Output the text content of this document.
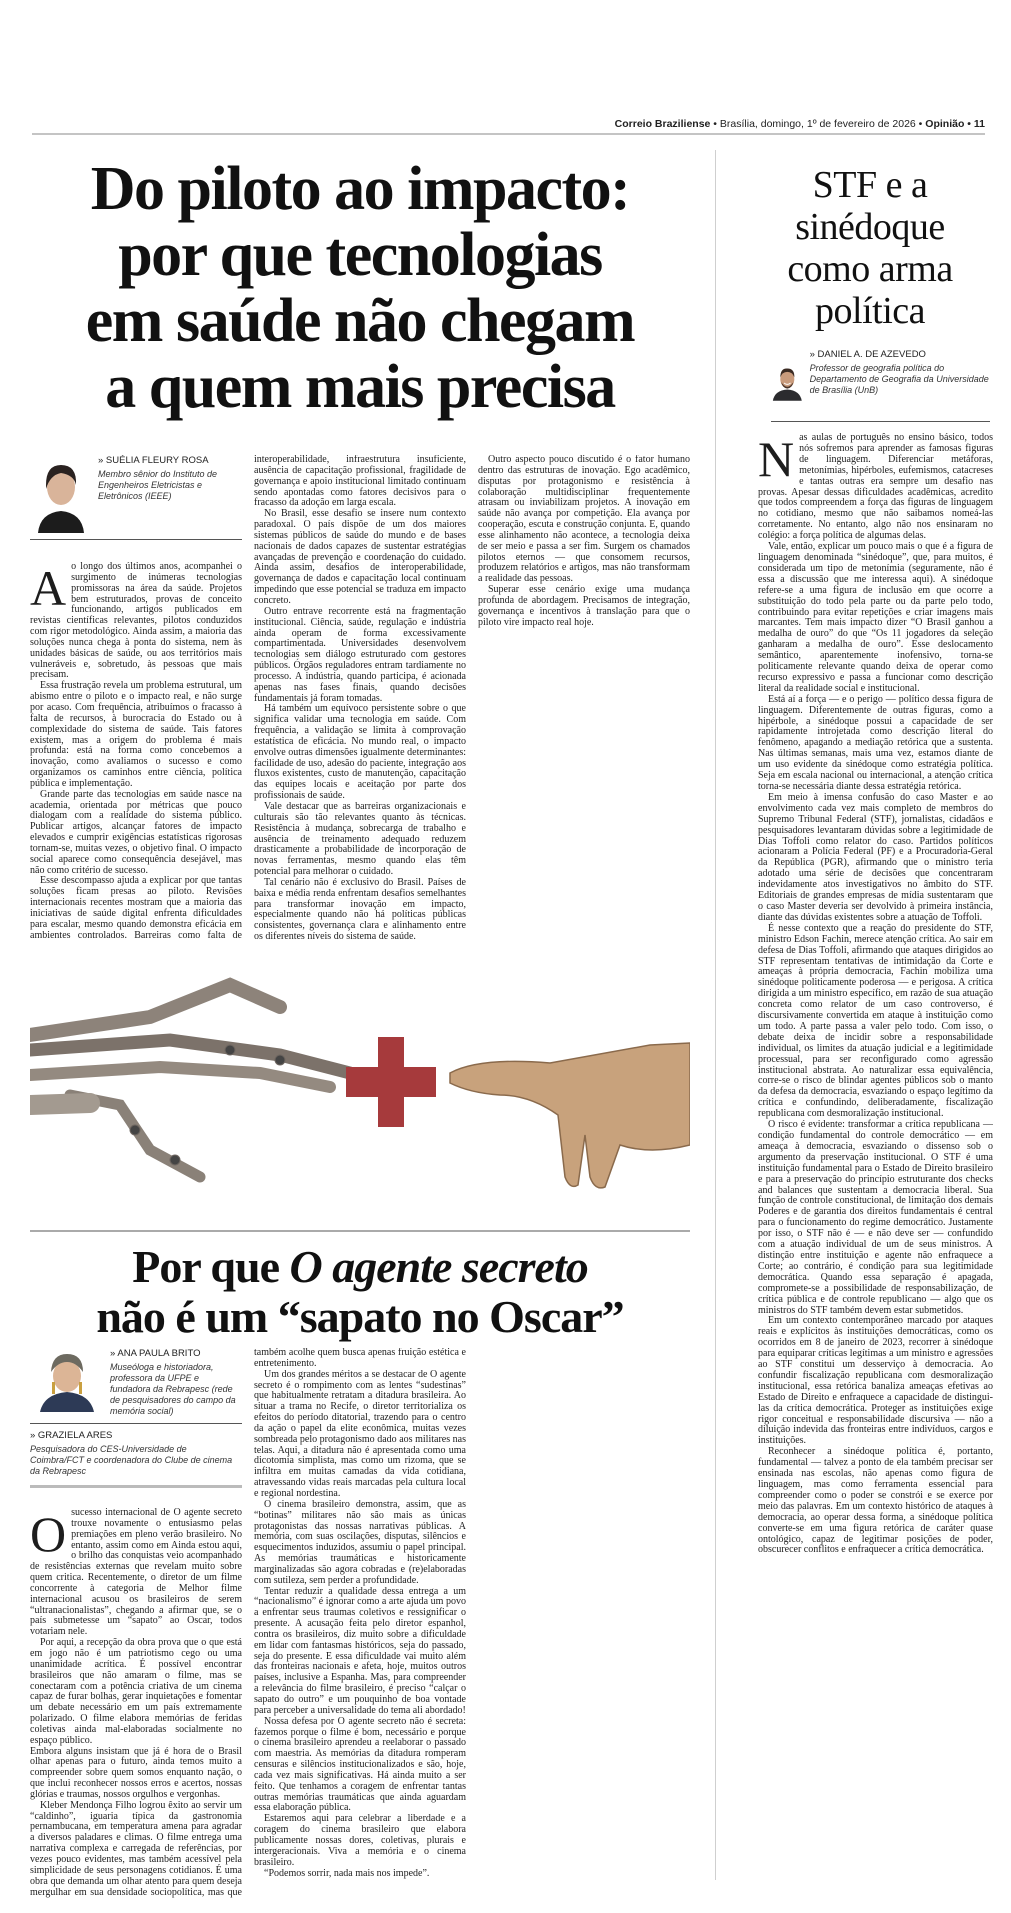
Correio Braziliense • Brasília, domingo, 1º de fevereiro de 2026 • Opinião • 11
Do piloto ao impacto:
por que tecnologias
em saúde não chegam
a quem mais precisa
» SUÉLIA FLEURY ROSA
Membro sênior do Instituto de Engenheiros Eletricistas e Eletrônicos (IEEE)

Ao longo dos últimos anos, acompanhei o surgimento de inúmeras tecnologias promissoras na área da saúde. Projetos bem estruturados, provas de conceito funcionando, artigos publicados em revistas científicas relevantes, pilotos conduzidos com rigor metodológico. Ainda assim, a maioria das soluções nunca chega à ponta do sistema, nem às unidades básicas de saúde, ou aos territórios mais vulneráveis e, sobretudo, às pessoas que mais precisam.

Essa frustração revela um problema estrutural, um abismo entre o piloto e o impacto real, e não surge por acaso. Com frequência, atribuímos o fracasso à falta de recursos, à burocracia do Estado ou à complexidade do sistema de saúde. Tais fatores existem, mas a origem do problema é mais profunda: está na forma como concebemos a inovação, como avaliamos o sucesso e como organizamos os caminhos entre ciência, política pública e implementação.

Grande parte das tecnologias em saúde nasce na academia, orientada por métricas que pouco dialogam com a realidade do sistema público. Publicar artigos, alcançar fatores de impacto elevados e cumprir exigências estatísticas rigorosas tornam-se, muitas vezes, o objetivo final. O impacto social aparece como consequência desejável, mas não como critério de sucesso.

Esse descompasso ajuda a explicar por que tantas soluções ficam presas ao piloto. Revisões internacionais recentes mostram que a maioria das iniciativas de saúde digital enfrenta dificuldades para escalar, mesmo quando demonstra eficácia em ambientes controlados. Barreiras como falta de interoperabilidade, infraestrutura insuficiente, ausência de capacitação profissional, fragilidade de governança e apoio institucional limitado continuam sendo apontadas como fatores decisivos para o fracasso da adoção em larga escala.

No Brasil, esse desafio se insere num contexto paradoxal. O país dispõe de um dos maiores sistemas públicos de saúde do mundo e de bases nacionais de dados capazes de sustentar estratégias avançadas de prevenção e coordenação do cuidado. Ainda assim, desafios de interoperabilidade, governança de dados e capacitação local continuam impedindo que esse potencial se traduza em impacto concreto.

Outro entrave recorrente está na fragmentação institucional. Ciência, saúde, regulação e indústria ainda operam de forma excessivamente compartimentada. Universidades desenvolvem tecnologias sem diálogo estruturado com gestores públicos. Órgãos reguladores entram tardiamente no processo. A indústria, quando participa, é acionada apenas nas fases finais, quando decisões fundamentais já foram tomadas.

Há também um equívoco persistente sobre o que significa validar uma tecnologia em saúde. Com frequência, a validação se limita à comprovação estatística de eficácia. No mundo real, o impacto envolve outras dimensões igualmente determinantes: facilidade de uso, adesão do paciente, integração aos fluxos existentes, custo de manutenção, capacitação das equipes locais e aceitação por parte dos profissionais de saúde.

Vale destacar que as barreiras organizacionais e culturais são tão relevantes quanto às técnicas. Resistência à mudança, sobrecarga de trabalho e ausência de treinamento adequado reduzem drasticamente a probabilidade de incorporação de novas ferramentas, mesmo quando elas têm potencial para melhorar o cuidado.

Tal cenário não é exclusivo do Brasil. Países de baixa e média renda enfrentam desafios semelhantes para transformar inovação em impacto, especialmente quando não há políticas públicas consistentes, governança clara e alinhamento entre os diferentes níveis do sistema de saúde.

Outro aspecto pouco discutido é o fator humano dentro das estruturas de inovação. Ego acadêmico, disputas por protagonismo e resistência à colaboração multidisciplinar frequentemente atrasam ou inviabilizam projetos. A inovação em saúde não avança por competição. Ela avança por cooperação, escuta e construção conjunta. E, quando esse alinhamento não acontece, a tecnologia deixa de ser meio e passa a ser fim. Surgem os chamados pilotos eternos — que consomem recursos, produzem relatórios e artigos, mas não transformam a realidade das pessoas.

Superar esse cenário exige uma mudança profunda de abordagem. Precisamos de integração, governança e incentivos à translação para que o piloto vire impacto real hoje.

Por que O agente secreto
não é um “sapato no Oscar”
» ANA PAULA BRITO
Museóloga e historiadora, professora da UFPE e fundadora da Rebrapesc (rede de pesquisadores do campo da memória social)
» GRAZIELA ARES
Pesquisadora do CES-Universidade de Coimbra/FCT e coordenadora do Clube de cinema da Rebrapesc

Osucesso internacional de O agente secreto trouxe novamente o entusiasmo pelas premiações em pleno verão brasileiro. No entanto, assim como em Ainda estou aqui, o brilho das conquistas veio acompanhado de resistências externas que revelam muito sobre quem critica. Recentemente, o diretor de um filme concorrente à categoria de Melhor filme internacional acusou os brasileiros de serem “ultranacionalistas”, chegando a afirmar que, se o país submetesse um “sapato” ao Oscar, todos votariam nele.

Por aqui, a recepção da obra prova que o que está em jogo não é um patriotismo cego ou uma unanimidade acrítica. É possível encontrar brasileiros que não amaram o filme, mas se conectaram com a potência criativa de um cinema capaz de furar bolhas, gerar inquietações e fomentar um debate necessário em um país extremamente polarizado. O filme elabora memórias de feridas coletivas ainda mal-elaboradas socialmente no espaço público.

Embora alguns insistam que já é hora de o Brasil olhar apenas para o futuro, ainda temos muito a compreender sobre quem somos enquanto nação, o que inclui reconhecer nossos erros e acertos, nossas glórias e traumas, nossos orgulhos e vergonhas.

Kleber Mendonça Filho logrou êxito ao servir um “caldinho”, iguaria típica da gastronomia pernambucana, em temperatura amena para agradar a diversos paladares e climas. O filme entrega uma narrativa complexa e carregada de referências, por vezes pouco evidentes, mas também acessível pela simplicidade de seus personagens cotidianos. É uma obra que demanda um olhar atento para quem deseja mergulhar em sua densidade sociopolítica, mas que também acolhe quem busca apenas fruição estética e entretenimento.

Um dos grandes méritos a se destacar de O agente secreto é o rompimento com as lentes “sudestinas” que habitualmente retratam a ditadura brasileira. Ao situar a trama no Recife, o diretor territorializa os efeitos do período ditatorial, trazendo para o centro da ação o papel da elite econômica, muitas vezes sombreada pelo protagonismo dado aos militares nas telas. Aqui, a ditadura não é apresentada como uma dicotomia simplista, mas como um rizoma, que se infiltra em muitas camadas da vida cotidiana, atravessando vidas reais marcadas pela cultura local e regional nordestina.

O cinema brasileiro demonstra, assim, que as “botinas” militares não são mais as únicas protagonistas das nossas narrativas públicas. A memória, com suas oscilações, disputas, silêncios e esquecimentos induzidos, assumiu o papel principal. As memórias traumáticas e historicamente marginalizadas são agora cobradas e (re)elaboradas com sutileza, sem perder a profundidade.

Tentar reduzir a qualidade dessa entrega a um “nacionalismo” é ignorar como a arte ajuda um povo a enfrentar seus traumas coletivos e ressignificar o presente. A acusação feita pelo diretor espanhol, contra os brasileiros, diz muito sobre a dificuldade em lidar com fantasmas históricos, seja do passado, seja do presente. E essa dificuldade vai muito além das fronteiras nacionais e afeta, hoje, muitos outros países, inclusive a Espanha. Mas, para compreender a relevância do filme brasileiro, é preciso “calçar o sapato do outro” e um pouquinho de boa vontade para perceber a universalidade do tema ali abordado!

Nossa defesa por O agente secreto não é secreta: fazemos porque o filme é bom, necessário e porque o cinema brasileiro aprendeu a reelaborar o passado com maestria. As memórias da ditadura romperam censuras e silêncios institucionalizados e são, hoje, cada vez mais significativas. Há ainda muito a ser feito. Que tenhamos a coragem de enfrentar tantas outras memórias traumáticas que ainda aguardam essa elaboração pública.

Estaremos aqui para celebrar a liberdade e a coragem do cinema brasileiro que elabora publicamente nossas dores, coletivas, plurais e intergeracionais. Viva a memória e o cinema brasileiro.

“Podemos sorrir, nada mais nos impede”.

STF e a
sinédoque
como arma
política
» DANIEL A. DE AZEVEDO
Professor de geografia política do Departamento de Geografia da Universidade de Brasília (UnB)

Nas aulas de português no ensino básico, todos nós sofremos para aprender as famosas figuras de linguagem. Diferenciar metáforas, metonímias, hipérboles, eufemismos, catacreses e tantas outras era sempre um desafio nas provas. Apesar dessas dificuldades acadêmicas, acredito que todos compreendem a força das figuras de linguagem no cotidiano, mesmo que não saibamos nomeá-las corretamente. No entanto, algo não nos ensinaram no colégio: a força política de algumas delas.

Vale, então, explicar um pouco mais o que é a figura de linguagem denominada “sinédoque”, que, para muitos, é considerada um tipo de metonímia (seguramente, não é essa a discussão que me interessa aqui). A sinédoque refere-se a uma figura de inclusão em que ocorre a substituição do todo pela parte ou da parte pelo todo, contribuindo para evitar repetições e criar imagens mais marcantes. Tem mais impacto dizer “O Brasil ganhou a medalha de ouro” do que “Os 11 jogadores da seleção ganharam a medalha de ouro”. Esse deslocamento semântico, aparentemente inofensivo, torna-se politicamente relevante quando deixa de operar como recurso expressivo e passa a funcionar como descrição literal da realidade social e institucional.

Está aí a força — e o perigo — político dessa figura de linguagem. Diferentemente de outras figuras, como a hipérbole, a sinédoque possui a capacidade de ser rapidamente introjetada como descrição literal do fenômeno, apagando a mediação retórica que a sustenta. Nas últimas semanas, mais uma vez, estamos diante de um uso evidente da sinédoque como estratégia política. Seja em escala nacional ou internacional, a atenção crítica torna-se necessária diante dessa estratégia retórica.

Em meio à imensa confusão do caso Master e ao envolvimento cada vez mais completo de membros do Supremo Tribunal Federal (STF), jornalistas, cidadãos e pesquisadores levantaram dúvidas sobre a legitimidade de Dias Toffoli como relator do caso. Partidos políticos acionaram a Polícia Federal (PF) e a Procuradoria-Geral da República (PGR), afirmando que o ministro teria adotado uma série de decisões que concentraram indevidamente atos investigativos no âmbito do STF. Editoriais de grandes empresas de mídia sustentaram que o caso Master deveria ser devolvido à primeira instância, diante das dúvidas existentes sobre a atuação de Toffoli.

É nesse contexto que a reação do presidente do STF, ministro Edson Fachin, merece atenção crítica. Ao sair em defesa de Dias Toffoli, afirmando que ataques dirigidos ao STF representam tentativas de intimidação da Corte e ameaças à própria democracia, Fachin mobiliza uma sinédoque politicamente poderosa — e perigosa. A crítica dirigida a um ministro específico, em razão de sua atuação concreta como relator de um caso controverso, é discursivamente convertida em ataque à instituição como um todo. A parte passa a valer pelo todo. Com isso, o debate deixa de incidir sobre a responsabilidade individual, os limites da atuação judicial e a legitimidade processual, para ser reconfigurado como agressão institucional abstrata. Ao naturalizar essa equivalência, corre-se o risco de blindar agentes públicos sob o manto da defesa da democracia, esvaziando o espaço legítimo da crítica e confundindo, deliberadamente, fiscalização republicana com desmoralização institucional.

O risco é evidente: transformar a crítica republicana — condição fundamental do controle democrático — em ameaça à democracia, esvaziando o dissenso sob o argumento da preservação institucional. O STF é uma instituição fundamental para o Estado de Direito brasileiro e para a preservação do princípio estruturante dos checks and balances que sustentam a democracia liberal. Sua função de controle constitucional, de limitação dos demais Poderes e de garantia dos direitos fundamentais é central para o funcionamento do regime democrático. Justamente por isso, o STF não é — e não deve ser — confundido com a atuação individual de um de seus ministros. A distinção entre instituição e agente não enfraquece a Corte; ao contrário, é condição para sua legitimidade democrática. Quando essa separação é apagada, compromete-se a possibilidade de responsabilização, de crítica pública e de controle republicano — algo que os ministros do STF também devem estar submetidos.

Em um contexto contemporâneo marcado por ataques reais e explícitos às instituições democráticas, como os ocorridos em 8 de janeiro de 2023, recorrer à sinédoque para equiparar críticas legítimas a um ministro e agressões ao STF constitui um desserviço à democracia. Ao confundir fiscalização republicana com desmoralização institucional, essa retórica banaliza ameaças efetivas ao Estado de Direito e enfraquece a capacidade de distingui-las da crítica democrática. Proteger as instituições exige rigor conceitual e responsabilidade discursiva — não a diluição indevida das fronteiras entre indivíduos, cargos e instituições.

Reconhecer a sinédoque política é, portanto, fundamental — talvez a ponto de ela também precisar ser ensinada nas escolas, não apenas como figura de linguagem, mas como ferramenta essencial para compreender como o poder se constrói e se exerce por meio das palavras. Em um contexto histórico de ataques à democracia, ao operar dessa forma, a sinédoque política converte-se em uma figura retórica de caráter quase ontológico, capaz de legitimar posições de poder, obscurecer conflitos e enfraquecer a crítica democrática.
